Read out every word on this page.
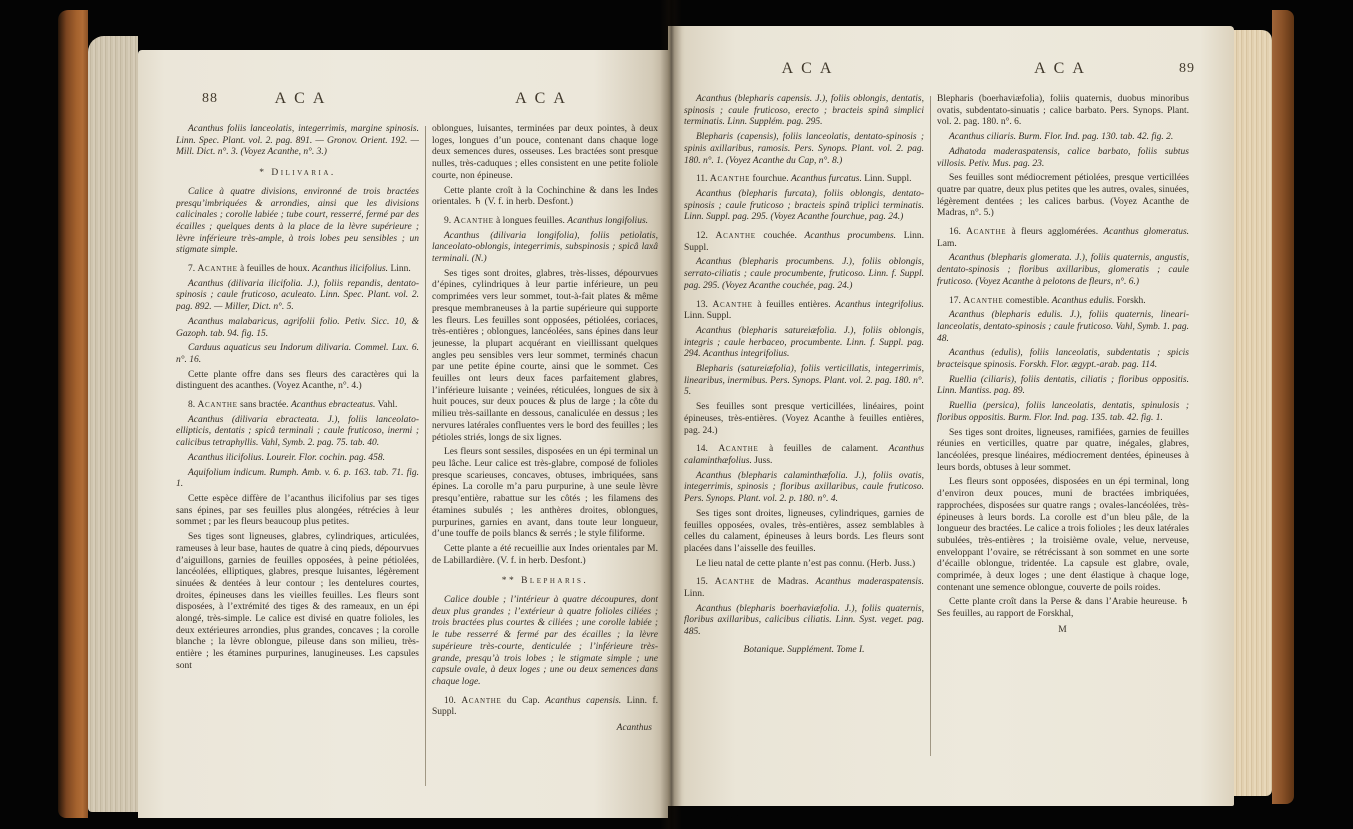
88	ACA	ACA

Acanthus foliis lanceolatis, integerrimis, margine spinosis. Linn. Spec. Plant. vol. 2. pag. 891. — Gronov. Orient. 192. — Mill. Dict. n°. 3. (Voyez Acanthe, n°. 3.)

* Dilivaria.

Calice à quatre divisions, environné de trois bractées presqu’imbriquées & arrondies, ainsi que les divisions calicinales ; corolle labiée ; tube court, resserré, fermé par des écailles ; quelques dents à la place de la lèvre supérieure ; lèvre inférieure très-ample, à trois lobes peu sensibles ; un stigmate simple.

7. Acanthe à feuilles de houx. Acanthus ilicifolius. Linn.

Acanthus (dilivaria ilicifolia. J.), foliis repandis, dentato-spinosis ; caule fruticoso, aculeato. Linn. Spec. Plant. vol. 2. pag. 892. — Miller, Dict. n°. 5.

Acanthus malabaricus, agrifolii folio. Petiv. Sicc. 10, & Gazoph. tab. 94. fig. 15.

Carduus aquaticus seu Indorum dilivaria. Commel. Lux. 6. n°. 16.

Cette plante offre dans ses fleurs des caractères qui la distinguent des acanthes. (Voyez Acanthe, n°. 4.)

8. Acanthe sans bractée. Acanthus ebracteatus. Vahl.

Acanthus (dilivaria ebracteata. J.), foliis lanceolato-ellipticis, dentatis ; spicâ terminali ; caule fruticoso, inermi ; calicibus tetraphyllis. Vahl, Symb. 2. pag. 75. tab. 40.

Acanthus ilicifolius. Loureir. Flor. cochin. pag. 458.

Aquifolium indicum. Rumph. Amb. v. 6. p. 163. tab. 71. fig. 1.

Cette espèce diffère de l’acanthus ilicifolius par ses tiges sans épines, par ses feuilles plus alongées, rétrécies à leur sommet ; par les fleurs beaucoup plus petites.

Ses tiges sont ligneuses, glabres, cylindriques, articulées, rameuses à leur base, hautes de quatre à cinq pieds, dépourvues d’aiguillons, garnies de feuilles opposées, à peine pétiolées, lancéolées, elliptiques, glabres, presque luisantes, légèrement sinuées & dentées à leur contour ; les dentelures courtes, droites, épineuses dans les vieilles feuilles. Les fleurs sont disposées, à l’extrémité des tiges & des rameaux, en un épi alongé, très-simple. Le calice est divisé en quatre folioles, les deux extérieures arrondies, plus grandes, concaves ; la corolle blanche ; la lèvre oblongue, pileuse dans son milieu, très-entière ; les étamines purpurines, lanugineuses. Les capsules sont

oblongues, luisantes, terminées par deux pointes, à deux loges, longues d’un pouce, contenant dans chaque loge deux semences dures, osseuses. Les bractées sont presque nulles, très-caduques ; elles consistent en une petite foliole courte, non épineuse.

Cette plante croît à la Cochinchine & dans les Indes orientales. ♄ (V. f. in herb. Desfont.)

9. Acanthe à longues feuilles. Acanthus longifolius.

Acanthus (dilivaria longifolia), foliis petiolatis, lanceolato-oblongis, integerrimis, subspinosis ; spicâ laxâ terminali. (N.)

Ses tiges sont droites, glabres, très-lisses, dépourvues d’épines, cylindriques à leur partie inférieure, un peu comprimées vers leur sommet, tout-à-fait plates & même presque membraneuses à la partie supérieure qui supporte les fleurs. Les feuilles sont opposées, pétiolées, coriaces, très-entières ; oblongues, lancéolées, sans épines dans leur jeunesse, la plupart acquérant en vieillissant quelques angles peu sensibles vers leur sommet, terminés chacun par une petite épine courte, ainsi que le sommet. Ces feuilles ont leurs deux faces parfaitement glabres, l’inférieure luisante ; veinées, réticulées, longues de six à huit pouces, sur deux pouces & plus de large ; la côte du milieu très-saillante en dessous, canaliculée en dessus ; les nervures latérales confluentes vers le bord des feuilles ; les pétioles striés, longs de six lignes.

Les fleurs sont sessiles, disposées en un épi terminal un peu lâche. Leur calice est très-glabre, composé de folioles presque scarieuses, concaves, obtuses, imbriquées, sans épines. La corolle m’a paru purpurine, à une seule lèvre presqu’entière, rabattue sur les côtés ; les filamens des étamines subulés ; les anthères droites, oblongues, purpurines, garnies en avant, dans toute leur longueur, d’une touffe de poils blancs & serrés ; le style filiforme.

Cette plante a été recueillie aux Indes orientales par M. de Labillardière. (V. f. in herb. Desfont.)

** Blepharis.

Calice double ; l’intérieur à quatre découpures, dont deux plus grandes ; l’extérieur à quatre folioles ciliées ; trois bractées plus courtes & ciliées ; une corolle labiée ; le tube resserré & fermé par des écailles ; la lèvre supérieure très-courte, denticulée ; l’inférieure très-grande, presqu’à trois lobes ; le stigmate simple ; une capsule ovale, à deux loges ; une ou deux semences dans chaque loge.

10. Acanthe du Cap. Acanthus capensis. Linn. f. Suppl.

Acanthus

ACA	ACA	89

Acanthus (blepharis capensis. J.), foliis oblongis, dentatis, spinosis ; caule fruticoso, erecto ; bracteis spinâ simplici terminatis. Linn. Supplém. pag. 295.

Blepharis (capensis), foliis lanceolatis, dentato-spinosis ; spinis axillaribus, ramosis. Pers. Synops. Plant. vol. 2. pag. 180. n°. 1. (Voyez Acanthe du Cap, n°. 8.)

11. Acanthe fourchue. Acanthus furcatus. Linn. Suppl.

Acanthus (blepharis furcata), foliis oblongis, dentato-spinosis ; caule fruticoso ; bracteis spinâ triplici terminatis. Linn. Suppl. pag. 295. (Voyez Acanthe fourchue, pag. 24.)

12. Acanthe couchée. Acanthus procumbens. Linn. Suppl.

Acanthus (blepharis procumbens. J.), foliis oblongis, serrato-ciliatis ; caule procumbente, fruticoso. Linn. f. Suppl. pag. 295. (Voyez Acanthe couchée, pag. 24.)

13. Acanthe à feuilles entières. Acanthus integrifolius. Linn. Suppl.

Acanthus (blepharis satureiæfolia. J.), foliis oblongis, integris ; caule herbaceo, procumbente. Linn. f. Suppl. pag. 294. Acanthus integrifolius.

Blepharis (satureiæfolia), foliis verticillatis, integerrimis, linearibus, inermibus. Pers. Synops. Plant. vol. 2. pag. 180. n°. 5.

Ses feuilles sont presque verticillées, linéaires, point épineuses, très-entières. (Voyez Acanthe à feuilles entières, pag. 24.)

14. Acanthe à feuilles de calament. Acanthus calaminthæfolius. Juss.

Acanthus (blepharis calaminthæfolia. J.), foliis ovatis, integerrimis, spinosis ; floribus axillaribus, caule fruticoso. Pers. Synops. Plant. vol. 2. p. 180. n°. 4.

Ses tiges sont droites, ligneuses, cylindriques, garnies de feuilles opposées, ovales, très-entières, assez semblables à celles du calament, épineuses à leurs bords. Les fleurs sont placées dans l’aisselle des feuilles.

Le lieu natal de cette plante n’est pas connu. (Herb. Juss.)

15. Acanthe de Madras. Acanthus maderaspatensis. Linn.

Acanthus (blepharis boerhaviæfolia. J.), foliis quaternis, floribus axillaribus, calicibus ciliatis. Linn. Syst. veget. pag. 485.

Botanique. Supplément. Tome I.

Blepharis (boerhaviæfolia), foliis quaternis, duobus minoribus ovatis, subdentato-sinuatis ; calice barbato. Pers. Synops. Plant. vol. 2. pag. 180. n°. 6.

Acanthus ciliaris. Burm. Flor. Ind. pag. 130. tab. 42. fig. 2.

Adhatoda maderaspatensis, calice barbato, foliis subtus villosis. Petiv. Mus. pag. 23.

Ses feuilles sont médiocrement pétiolées, presque verticillées quatre par quatre, deux plus petites que les autres, ovales, sinuées, légèrement dentées ; les calices barbus. (Voyez Acanthe de Madras, n°. 5.)

16. Acanthe à fleurs agglomérées. Acanthus glomeratus. Lam.

Acanthus (blepharis glomerata. J.), foliis quaternis, angustis, dentato-spinosis ; floribus axillaribus, glomeratis ; caule fruticoso. (Voyez Acanthe à pelotons de fleurs, n°. 6.)

17. Acanthe comestible. Acanthus edulis. Forskh.

Acanthus (blepharis edulis. J.), foliis quaternis, lineari-lanceolatis, dentato-spinosis ; caule fruticoso. Vahl, Symb. 1. pag. 48.

Acanthus (edulis), foliis lanceolatis, subdentatis ; spicis bracteisque spinosis. Forskh. Flor. ægypt.-arab. pag. 114.

Ruellia (ciliaris), foliis dentatis, ciliatis ; floribus oppositis. Linn. Mantiss. pag. 89.

Ruellia (persica), foliis lanceolatis, dentatis, spinulosis ; floribus oppositis. Burm. Flor. Ind. pag. 135. tab. 42. fig. 1.

Ses tiges sont droites, ligneuses, ramifiées, garnies de feuilles réunies en verticilles, quatre par quatre, inégales, glabres, lancéolées, presque linéaires, médiocrement dentées, épineuses à leurs bords, obtuses à leur sommet.

Les fleurs sont opposées, disposées en un épi terminal, long d’environ deux pouces, muni de bractées imbriquées, rapprochées, disposées sur quatre rangs ; ovales-lancéolées, très-épineuses à leurs bords. La corolle est d’un bleu pâle, de la longueur des bractées. Le calice a trois folioles ; les deux latérales subulées, très-entières ; la troisième ovale, velue, nerveuse, enveloppant l’ovaire, se rétrécissant à son sommet en une sorte d’écaille oblongue, tridentée. La capsule est glabre, ovale, comprimée, à deux loges ; une dent élastique à chaque loge, contenant une semence oblongue, couverte de poils roides.

Cette plante croît dans la Perse & dans l’Arabie heureuse. ♄ Ses feuilles, au rapport de Forskhal,

M
